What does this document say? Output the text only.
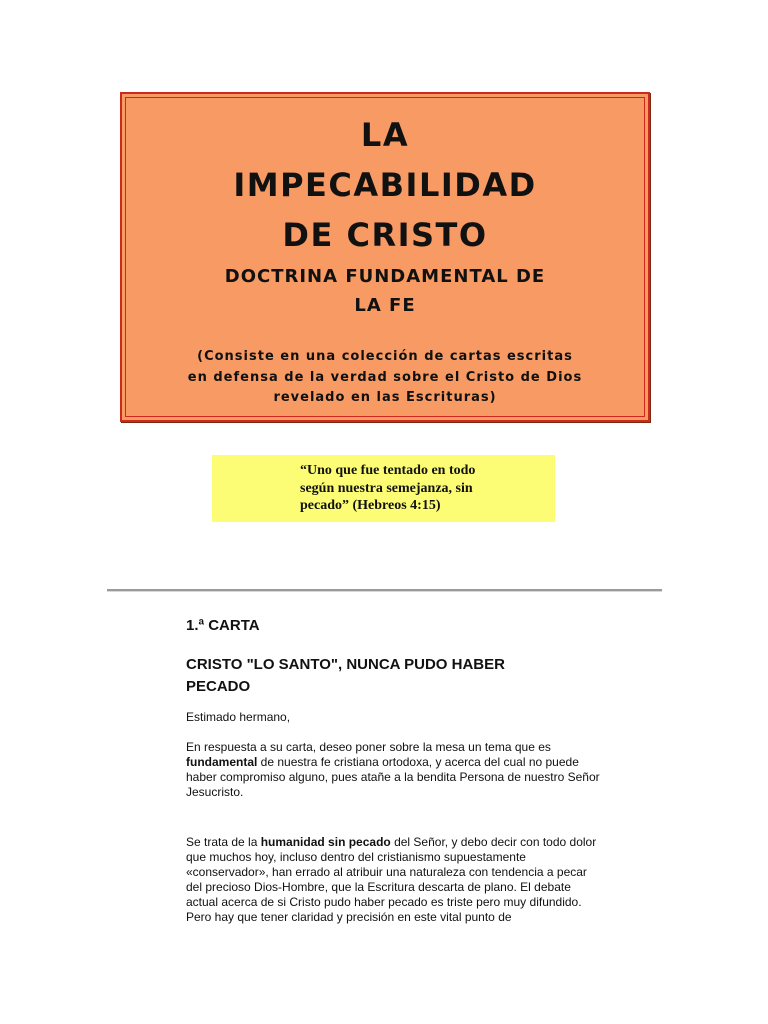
LA
IMPECABILIDAD
DE CRISTO
DOCTRINA FUNDAMENTAL DE
LA FE
(Consiste en una colección de cartas escritas
en defensa de la verdad sobre el Cristo de Dios
revelado en las Escrituras)
“Uno que fue tentado en todo
según nuestra semejanza, sin
pecado” (Hebreos 4:15)
1.ª CARTA
CRISTO "LO SANTO", NUNCA PUDO HABER
PECADO

Estimado hermano,

En respuesta a su carta, deseo poner sobre la mesa un tema que es fundamental de nuestra fe cristiana ortodoxa, y acerca del cual no puede haber compromiso alguno, pues atañe a la bendita Persona de nuestro Señor Jesucristo.

Se trata de la humanidad sin pecado del Señor, y debo decir con todo dolor que muchos hoy, incluso dentro del cristianismo supuestamente «conservador», han errado al atribuir una naturaleza con tendencia a pecar del precioso Dios-Hombre, que la Escritura descarta de plano. El debate actual acerca de si Cristo pudo haber pecado es triste pero muy difundido. Pero hay que tener claridad y precisión en este vital punto de
